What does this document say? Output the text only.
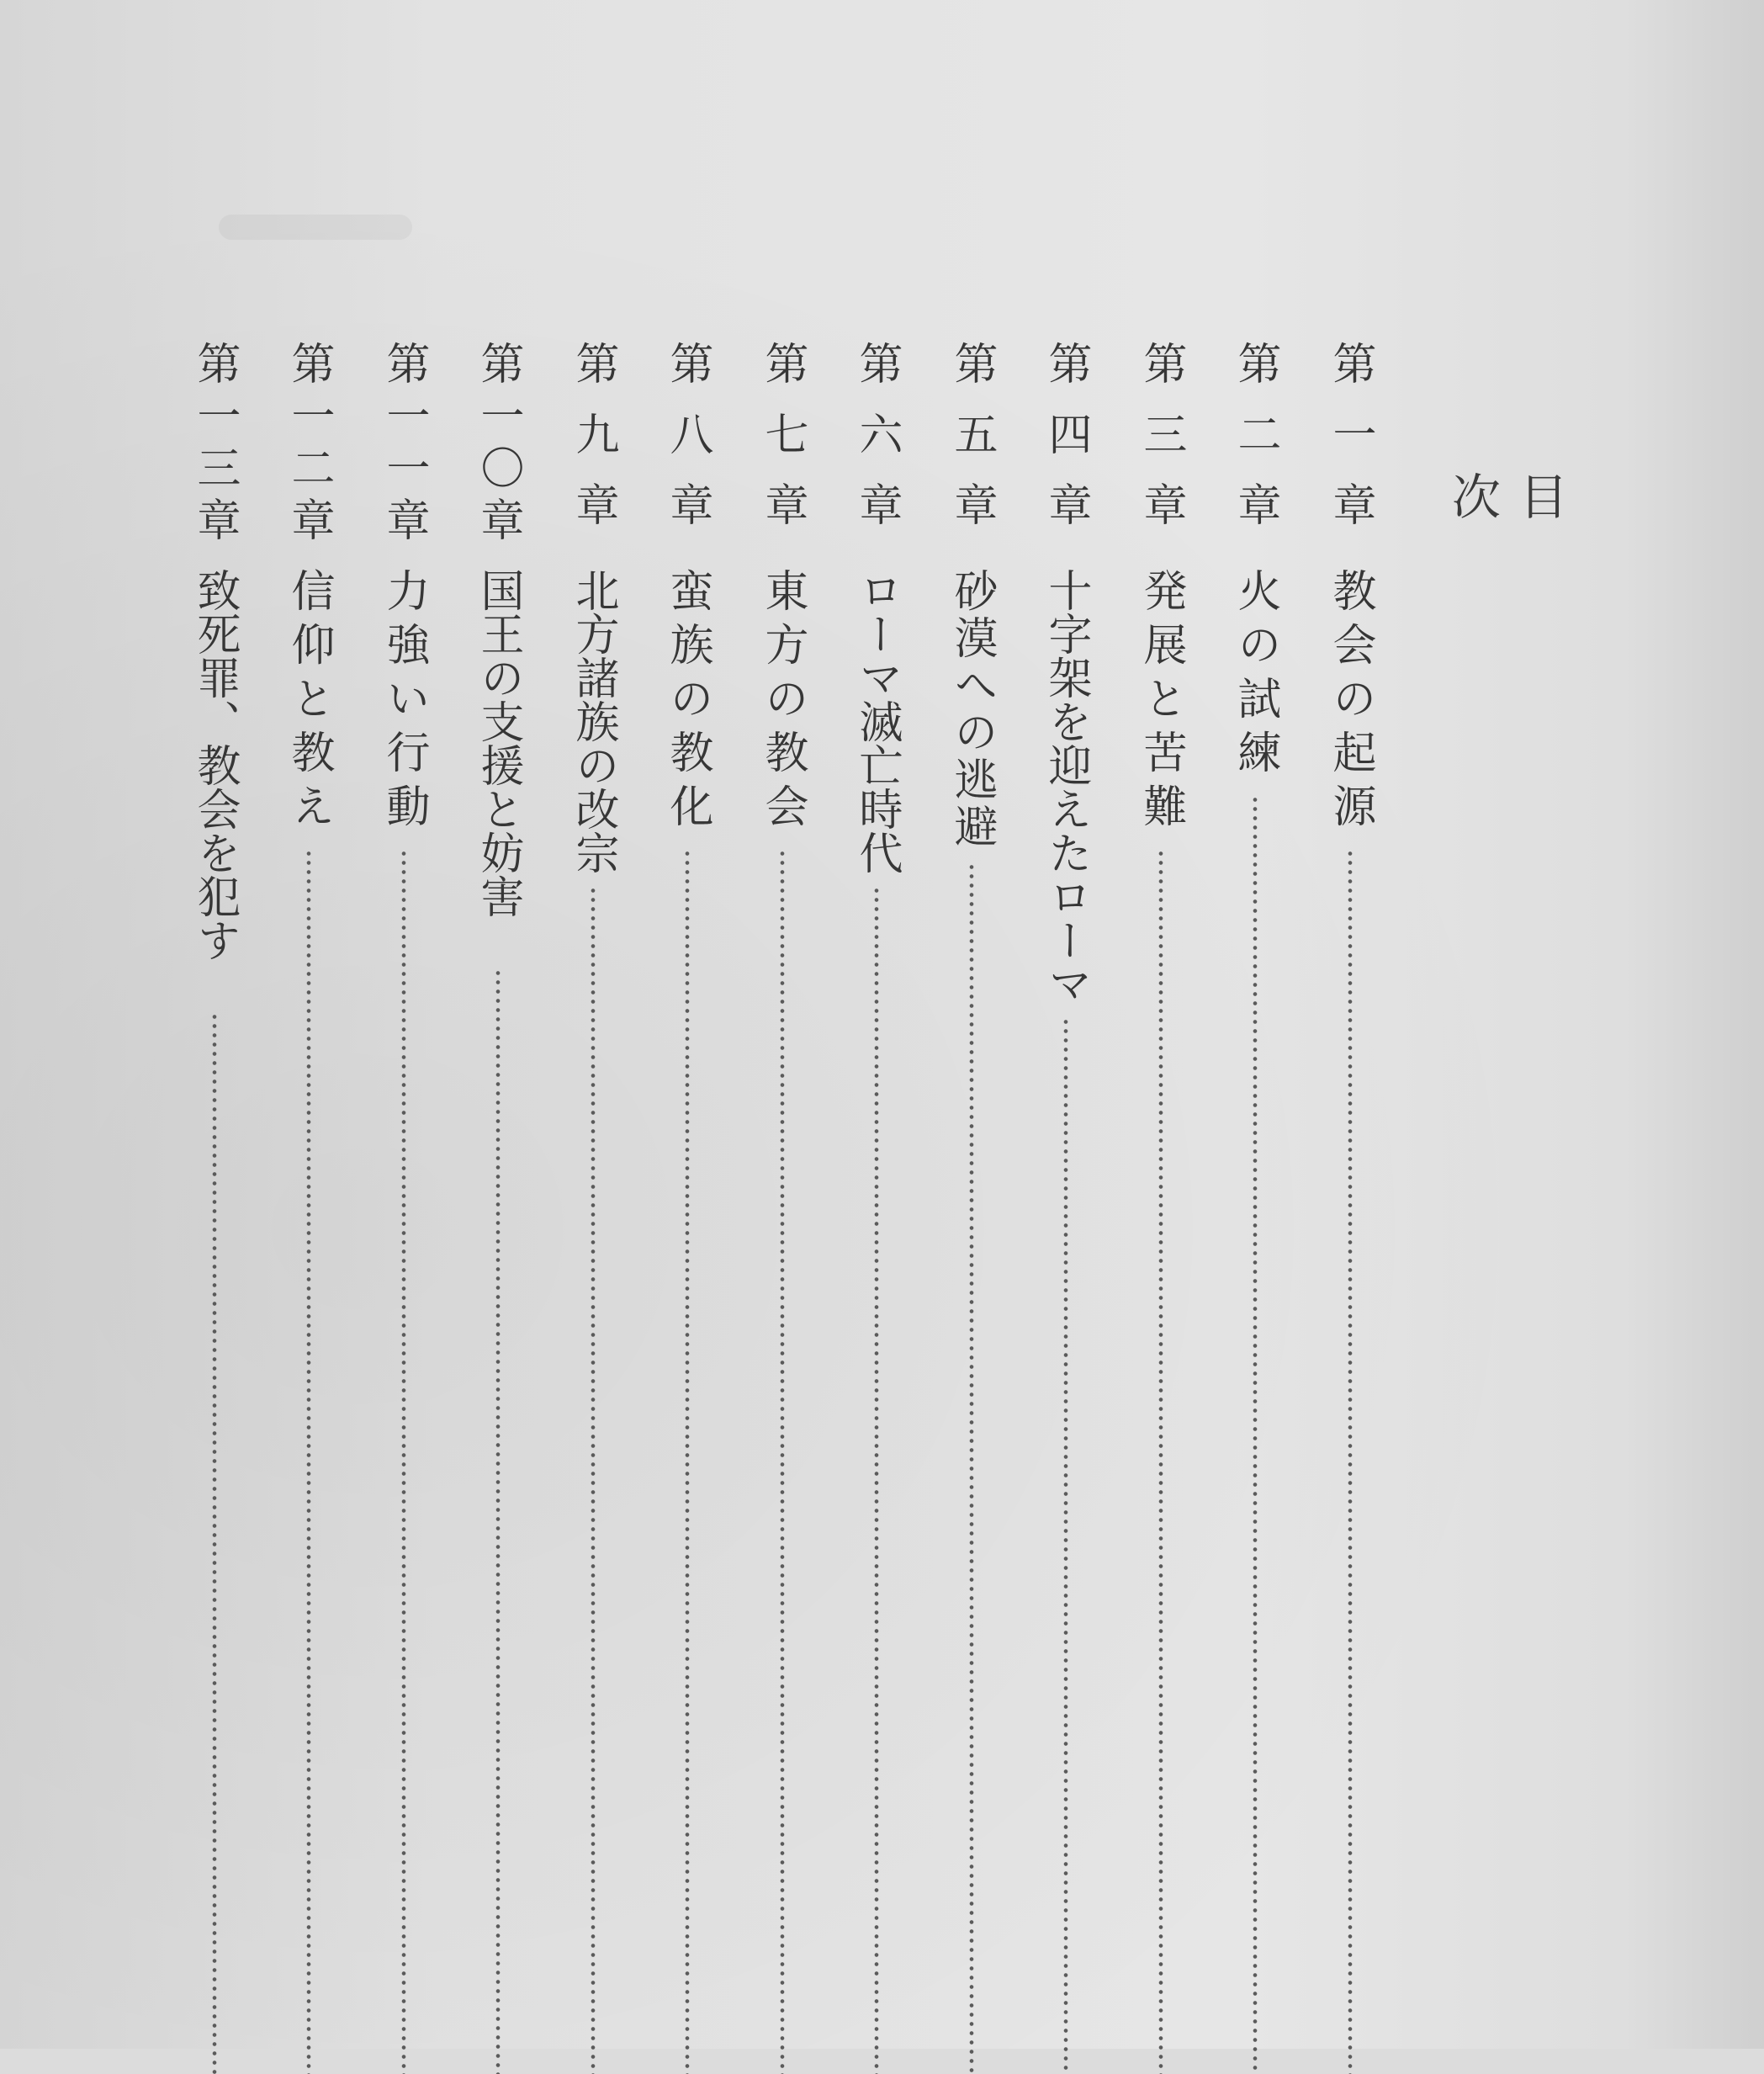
目　次
第一章
教会の起源
第二章
火の試練
第三章
発展と苦難
第四章
十字架を迎えたローマ
第五章
砂漠への逃避
第六章
ローマ滅亡時代
第七章
東方の教会
第八章
蛮族の教化
第九章
北方諸族の改宗
第一〇章
国王の支援と妨害
第一一章
力強い行動
第一二章
信仰と教え
第一三章
致死罪、教会を犯す
